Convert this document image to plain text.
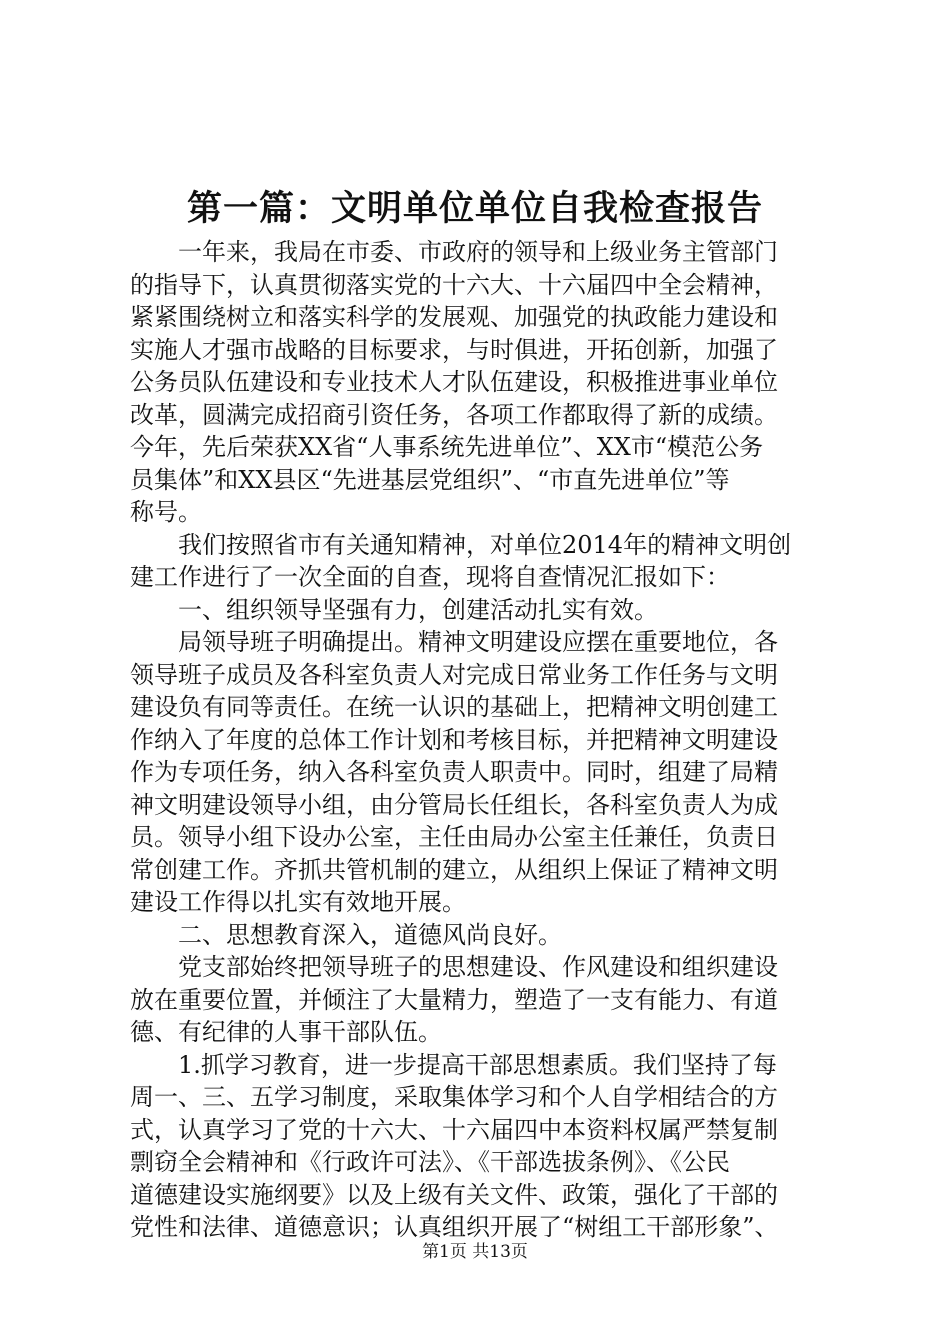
第一篇：文明单位单位自我检查报告
一年来，我局在市委、市政府的领导和上级业务主管部门
的指导下，认真贯彻落实党的十六大、十六届四中全会精神，
紧紧围绕树立和落实科学的发展观、加强党的执政能力建设和
实施人才强市战略的目标要求，与时俱进，开拓创新，加强了
公务员队伍建设和专业技术人才队伍建设，积极推进事业单位
改革，圆满完成招商引资任务，各项工作都取得了新的成绩。
今年，先后荣获XX省“人事系统先进单位”、XX市“模范公务
员集体”和XX县区“先进基层党组织”、“市直先进单位”等
称号。
我们按照省市有关通知精神，对单位2014年的精神文明创
建工作进行了一次全面的自查，现将自查情况汇报如下：
一、组织领导坚强有力，创建活动扎实有效。
局领导班子明确提出。精神文明建设应摆在重要地位，各
领导班子成员及各科室负责人对完成日常业务工作任务与文明
建设负有同等责任。在统一认识的基础上，把精神文明创建工
作纳入了年度的总体工作计划和考核目标，并把精神文明建设
作为专项任务，纳入各科室负责人职责中。同时，组建了局精
神文明建设领导小组，由分管局长任组长，各科室负责人为成
员。领导小组下设办公室，主任由局办公室主任兼任，负责日
常创建工作。齐抓共管机制的建立，从组织上保证了精神文明
建设工作得以扎实有效地开展。
二、思想教育深入，道德风尚良好。
党支部始终把领导班子的思想建设、作风建设和组织建设
放在重要位置，并倾注了大量精力，塑造了一支有能力、有道
德、有纪律的人事干部队伍。
1.抓学习教育，进一步提高干部思想素质。我们坚持了每
周一、三、五学习制度，采取集体学习和个人自学相结合的方
式，认真学习了党的十六大、十六届四中本资料权属严禁复制
剽窃全会精神和《行政许可法》、《干部选拔条例》、《公民
道德建设实施纲要》以及上级有关文件、政策，强化了干部的
党性和法律、道德意识；认真组织开展了“树组工干部形象”、
第1页 共13页
